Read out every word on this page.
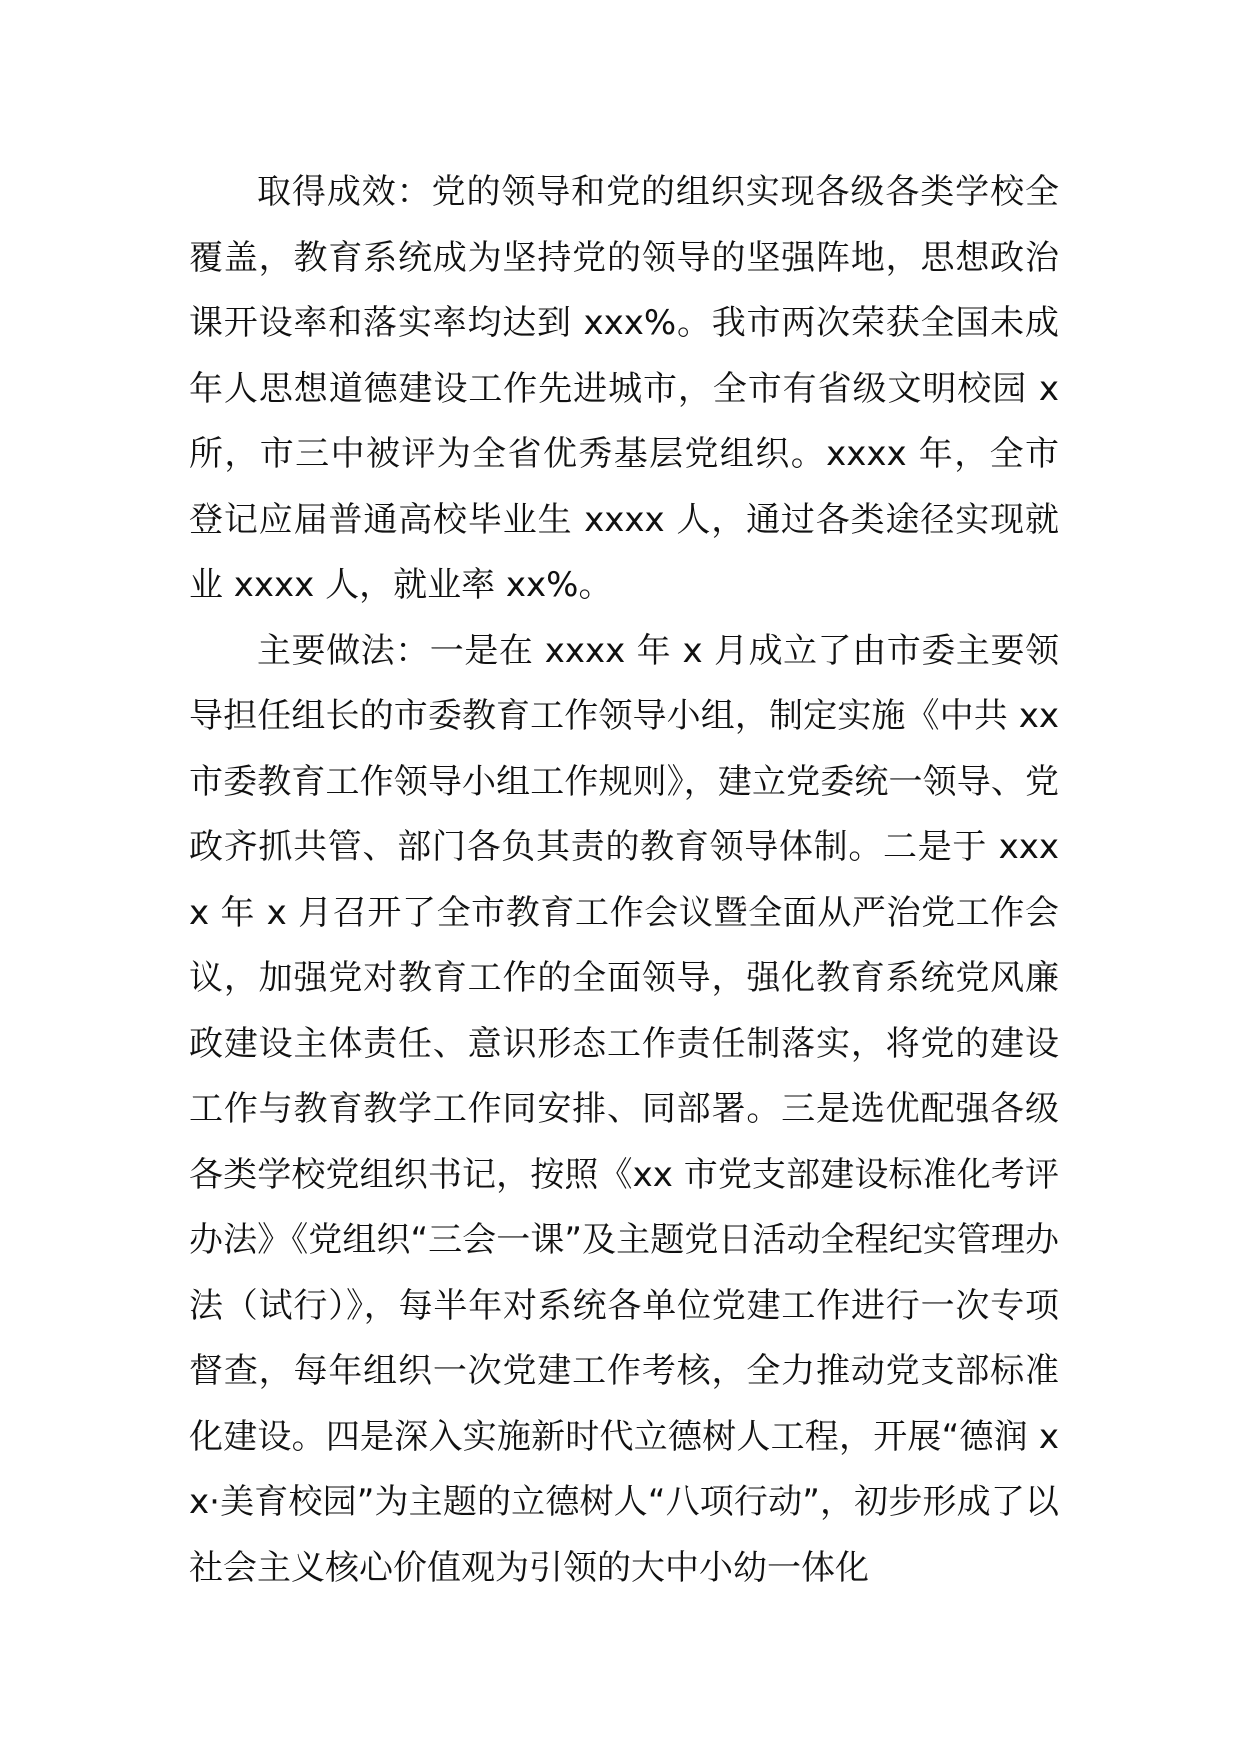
取得成效：党的领导和党的组织实现各级各类学校全覆盖，教育系统成为坚持党的领导的坚强阵地，思想政治课开设率和落实率均达到 xxx%。我市两次荣获全国未成年人思想道德建设工作先进城市，全市有省级文明校园 x 所，市三中被评为全省优秀基层党组织。xxxx 年，全市登记应届普通高校毕业生 xxxx 人，通过各类途径实现就业 xxxx 人，就业率 xx%。

主要做法：一是在 xxxx 年 x 月成立了由市委主要领导担任组长的市委教育工作领导小组，制定实施《中共 xx 市委教育工作领导小组工作规则》，建立党委统一领导、党政齐抓共管、部门各负其责的教育领导体制。二是于 xxxx 年 x 月召开了全市教育工作会议暨全面从严治党工作会议，加强党对教育工作的全面领导，强化教育系统党风廉政建设主体责任、意识形态工作责任制落实，将党的建设工作与教育教学工作同安排、同部署。三是选优配强各级各类学校党组织书记，按照《xx 市党支部建设标准化考评办法》《党组织“三会一课”及主题党日活动全程纪实管理办法（试行）》，每半年对系统各单位党建工作进行一次专项督查，每年组织一次党建工作考核，全力推动党支部标准化建设。四是深入实施新时代立德树人工程，开展“德润 xx·美育校园”为主题的立德树人“八项行动”，初步形成了以社会主义核心价值观为引领的大中小幼一体化
